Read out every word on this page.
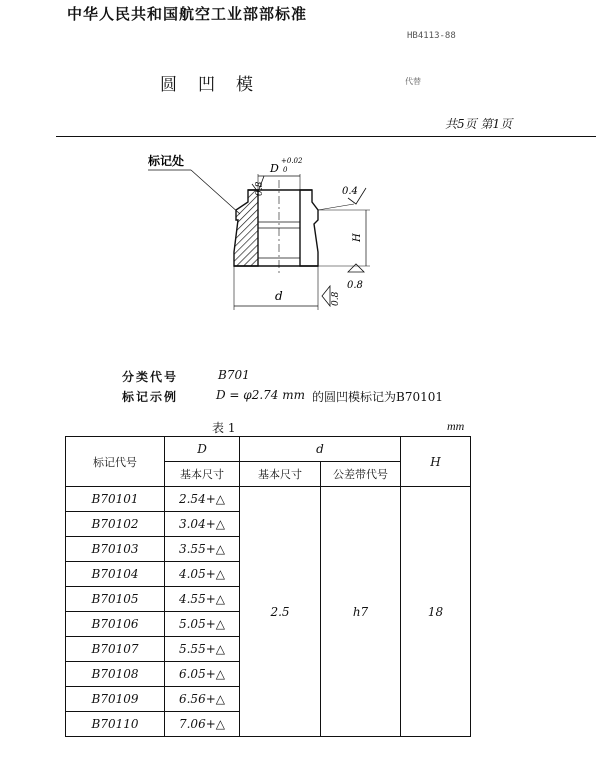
中华人民共和国航空工业部部标准
HB4113-88
圆凹模	代替
共5页 第1页
D
+0.02
0
0.8
标记处
0.4
H
0.8
d	0.8
分类代号	B701
标记示例	D = φ2.74 mm 的圆凹模标记为B70101
表 1	mm
标记代号	D	d		H
	基本尺寸	基本尺寸	公差带代号	
B70101	2.54+△	2.5	h7	18
B70102	3.04+△			
B70103	3.55+△			
B70104	4.05+△			
B70105	4.55+△			
B70106	5.05+△			
B70107	5.55+△			
B70108	6.05+△			
B70109	6.56+△			
B70110	7.06+△			
